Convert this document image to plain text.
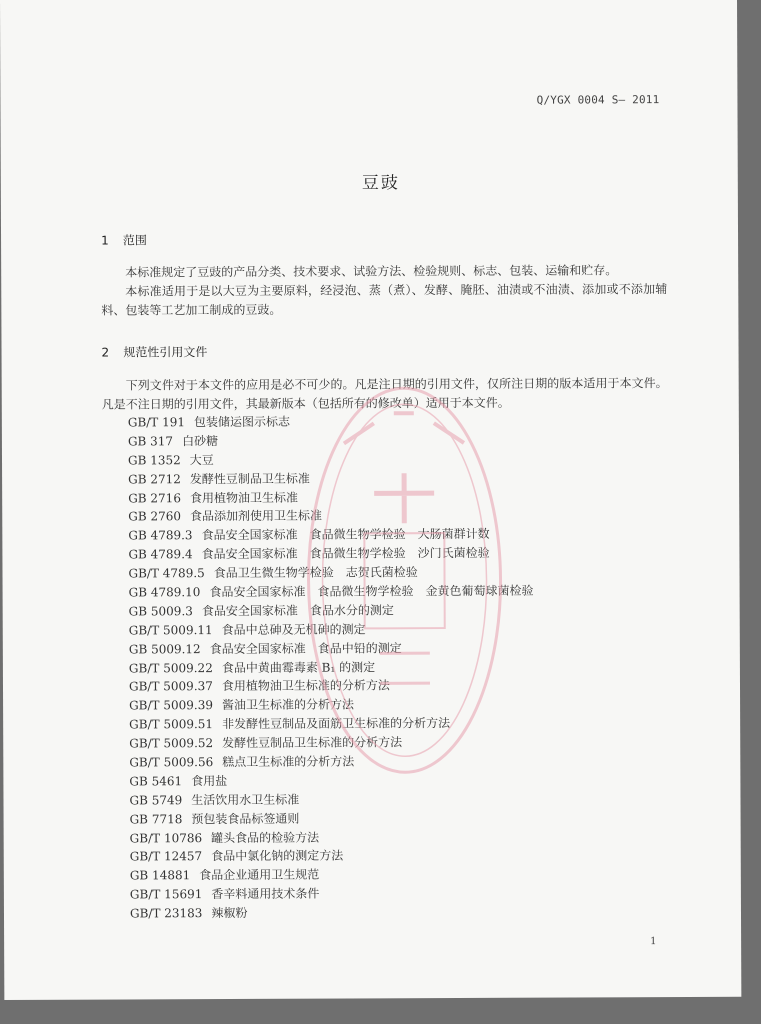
Q/YGX 0004 S— 2011
豆豉
1 范围
本标准规定了豆豉的产品分类、技术要求、试验方法、检验规则、标志、包装、运输和贮存。
本标准适用于是以大豆为主要原料，经浸泡、蒸（煮）、发酵、腌胚、油渍或不油渍、添加或不添加辅料、包装等工艺加工制成的豆豉。
2 规范性引用文件
下列文件对于本文件的应用是必不可少的。凡是注日期的引用文件，仅所注日期的版本适用于本文件。凡是不注日期的引用文件，其最新版本（包括所有的修改单）适用于本文件。
GB/T 191 包装储运图示标志
GB 317 白砂糖
GB 1352 大豆
GB 2712 发酵性豆制品卫生标准
GB 2716 食用植物油卫生标准
GB 2760 食品添加剂使用卫生标准
GB 4789.3 食品安全国家标准　食品微生物学检验　大肠菌群计数
GB 4789.4 食品安全国家标准　食品微生物学检验　沙门氏菌检验
GB/T 4789.5 食品卫生微生物学检验　志贺氏菌检验
GB 4789.10 食品安全国家标准　食品微生物学检验　金黄色葡萄球菌检验
GB 5009.3 食品安全国家标准　食品水分的测定
GB/T 5009.11 食品中总砷及无机砷的测定
GB 5009.12 食品安全国家标准　食品中铅的测定
GB/T 5009.22 食品中黄曲霉毒素 B₁ 的测定
GB/T 5009.37 食用植物油卫生标准的分析方法
GB/T 5009.39 酱油卫生标准的分析方法
GB/T 5009.51 非发酵性豆制品及面筋卫生标准的分析方法
GB/T 5009.52 发酵性豆制品卫生标准的分析方法
GB/T 5009.56 糕点卫生标准的分析方法
GB 5461 食用盐
GB 5749 生活饮用水卫生标准
GB 7718 预包装食品标签通则
GB/T 10786 罐头食品的检验方法
GB/T 12457 食品中氯化钠的测定方法
GB 14881 食品企业通用卫生规范
GB/T 15691 香辛料通用技术条件
GB/T 23183 辣椒粉
1
